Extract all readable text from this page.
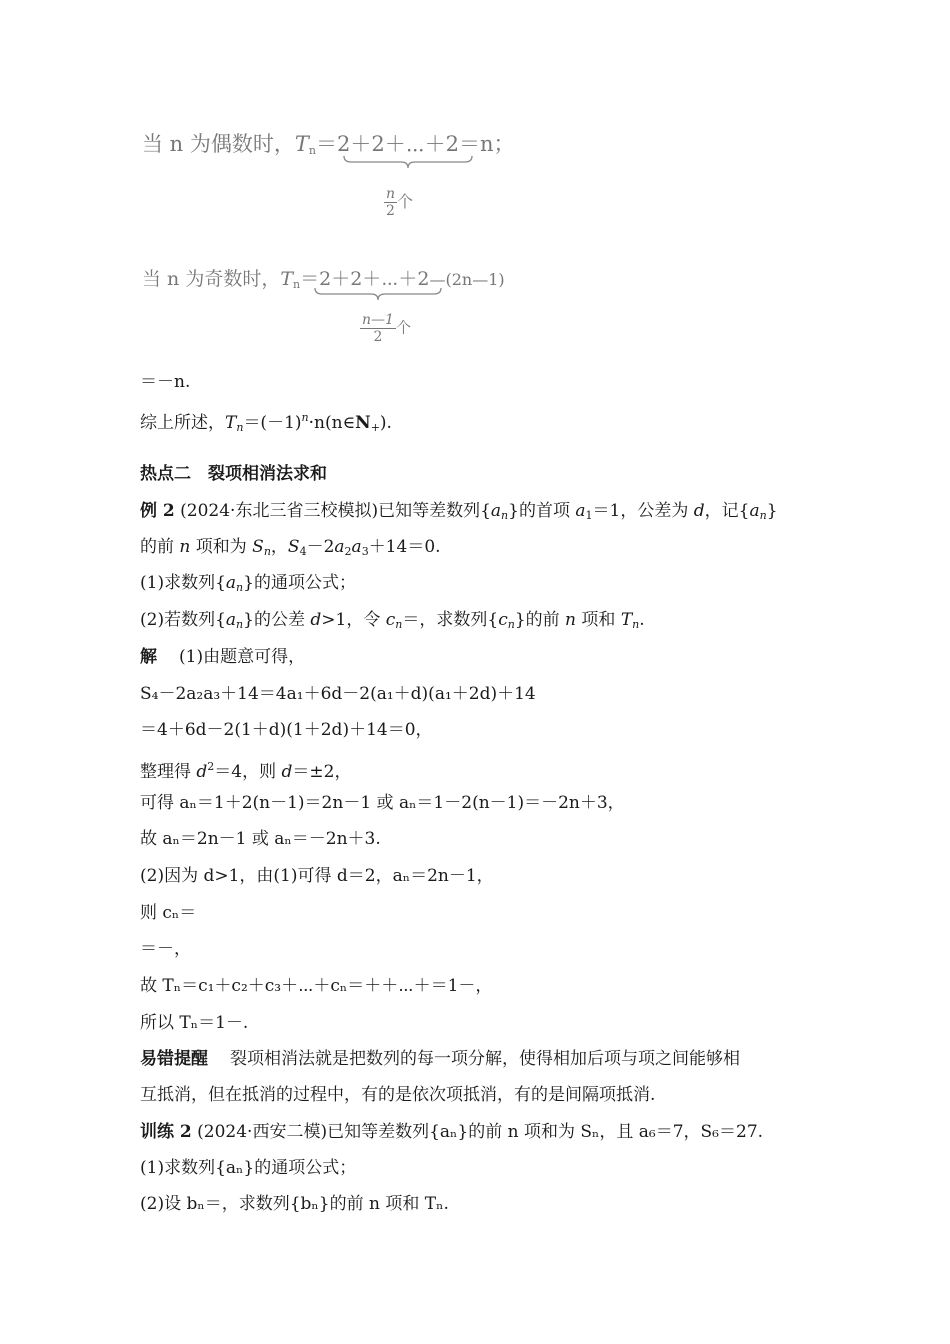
当 n 为偶数时，$T_n=2+2+\cdots+2=n$；
$\frac{n}{2}$ 个
当 n 为奇数时，$T_n=2+2+\cdots+2—(2n—1)$
$\frac{n—1}{2}$ 个
＝－n.
综上所述，$T_n=(-1)^n\cdot n(n\in N_+)$.
热点二　裂项相消法求和
例 2 (2024·东北三省三校模拟)已知等差数列$\{a_n\}$的首项 $a_1=1$，公差为 d，记$\{a_n\}$
的前 n 项和为 $S_n$，$S_4-2a_2a_3+14=0$.
(1)求数列$\{a_n\}$的通项公式；
(2)若数列$\{a_n\}$的公差 d>1，令 $c_n=$，求数列$\{c_n\}$的前 n 项和 $T_n$.
解 (1)由题意可得，
S₄－2a₂a₃＋14＝4a₁＋6d－2(a₁＋d)(a₁＋2d)＋14
＝4＋6d－2(1＋d)(1＋2d)＋14＝0，
整理得 $d^2=4$，则 d＝±2，
可得 aₙ＝1＋2(n－1)＝2n－1 或 aₙ＝1－2(n－1)＝－2n＋3，
故 aₙ＝2n－1 或 aₙ＝－2n＋3.
(2)因为 d>1，由(1)可得 d＝2，aₙ＝2n－1，
则 cₙ＝
＝－，
故 Tₙ＝c₁＋c₂＋c₃＋⋯＋cₙ＝＋＋⋯＋＝1－，
所以 Tₙ＝1－.
易错提醒 裂项相消法就是把数列的每一项分解，使得相加后项与项之间能够相
互抵消，但在抵消的过程中，有的是依次项抵消，有的是间隔项抵消.
训练 2 (2024·西安二模)已知等差数列{aₙ}的前 n 项和为 Sₙ，且 a₆＝7，S₆＝27.
(1)求数列{aₙ}的通项公式；
(2)设 bₙ＝，求数列{bₙ}的前 n 项和 Tₙ.
